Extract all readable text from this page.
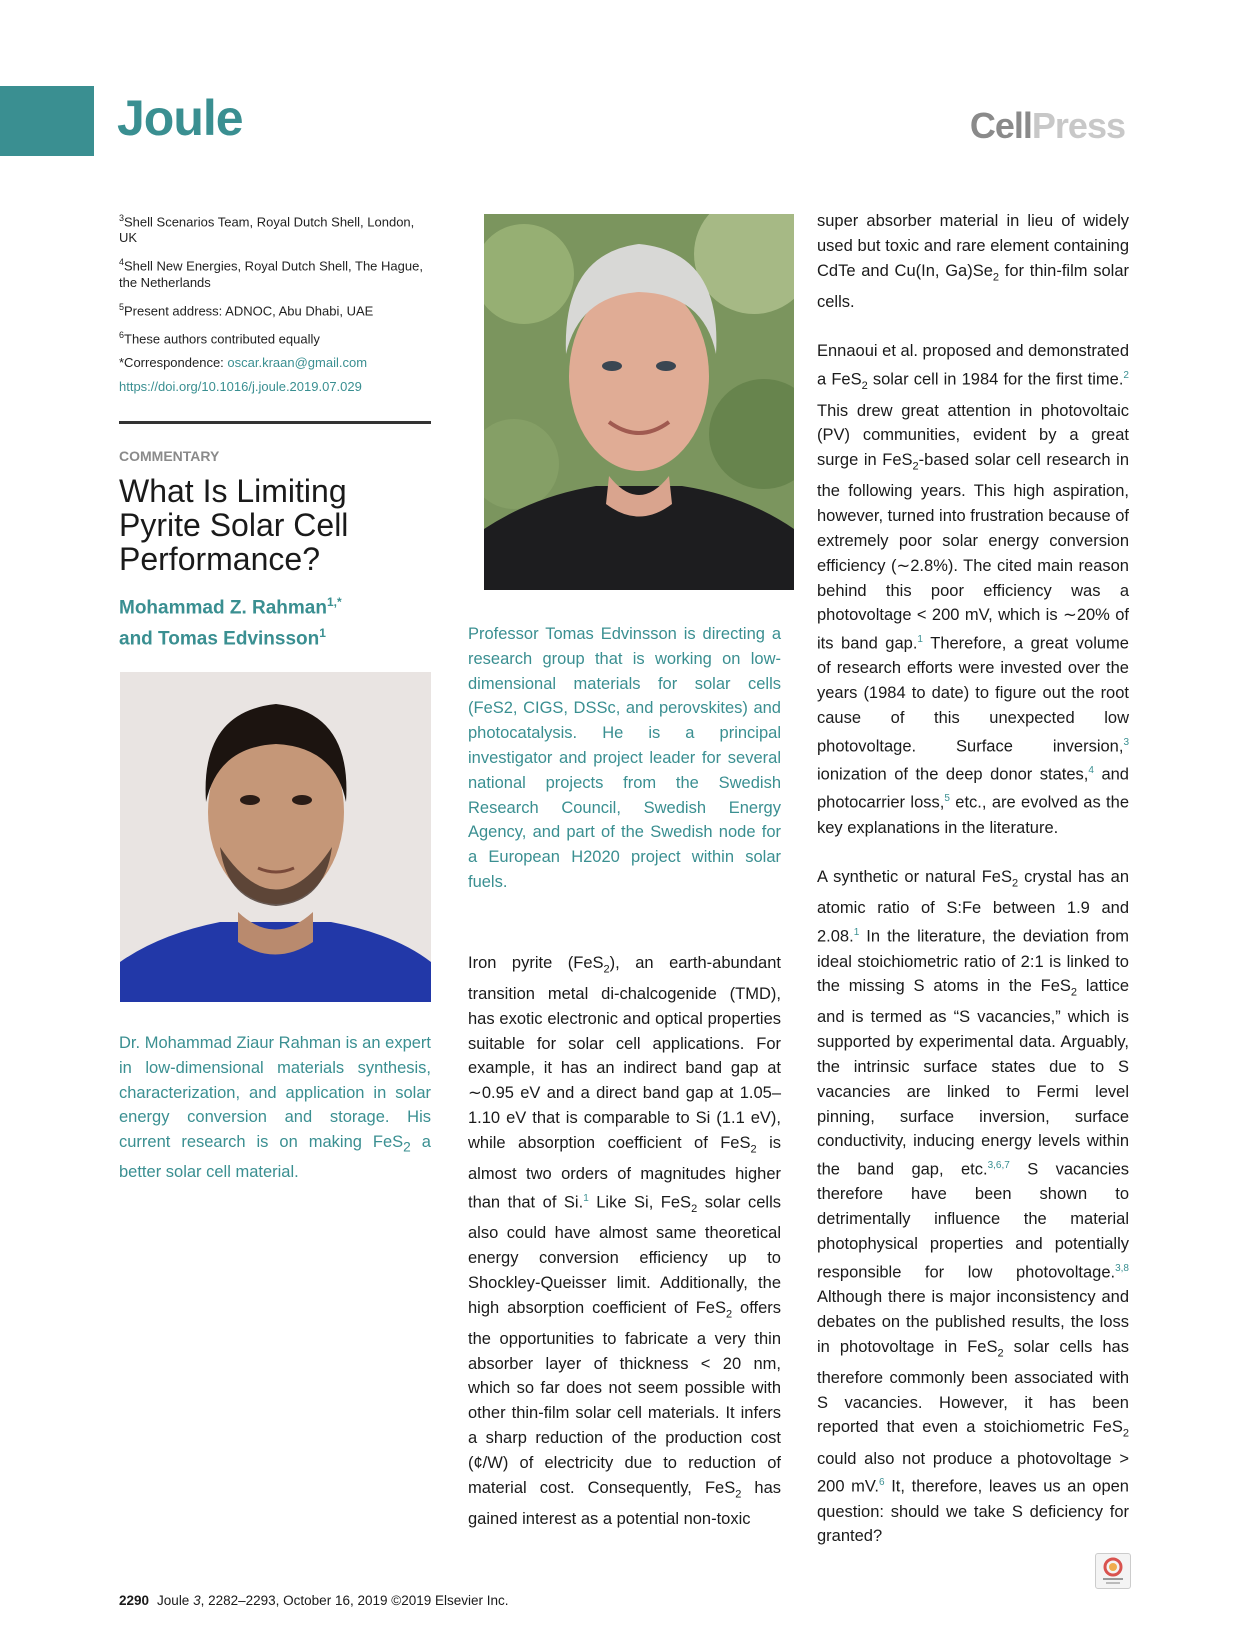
Joule	CellPress

$^3$Shell Scenarios Team, Royal Dutch Shell, London, UK

$^4$Shell New Energies, Royal Dutch Shell, The Hague, the Netherlands

$^5$Present address: ADNOC, Abu Dhabi, UAE

$^6$These authors contributed equally

*Correspondence: oscar.kraan@gmail.com

https://doi.org/10.1016/j.joule.2019.07.029

COMMENTARY
What Is Limiting Pyrite Solar Cell Performance?
Mohammad Z. Rahman$^{1,*}$
and Tomas Edvinsson$^1$

Dr. Mohammad Ziaur Rahman is an expert in low-dimensional materials synthesis, characterization, and application in solar energy conversion and storage. His current research is on making FeS$_2$ a better solar cell material.

Professor Tomas Edvinsson is directing a research group that is working on low-dimensional materials for solar cells (FeS2, CIGS, DSSc, and perovskites) and photocatalysis. He is a principal investigator and project leader for several national projects from the Swedish Research Council, Swedish Energy Agency, and part of the Swedish node for a European H2020 project within solar fuels.

Iron pyrite (FeS$_2$), an earth-abundant transition metal di-chalcogenide (TMD), has exotic electronic and optical properties suitable for solar cell applications. For example, it has an indirect band gap at ∼0.95 eV and a direct band gap at 1.05–1.10 eV that is comparable to Si (1.1 eV), while absorption coefficient of FeS$_2$ is almost two orders of magnitudes higher than that of Si.$^1$ Like Si, FeS$_2$ solar cells also could have almost same theoretical energy conversion efficiency up to Shockley-Queisser limit. Additionally, the high absorption coefficient of FeS$_2$ offers the opportunities to fabricate a very thin absorber layer of thickness < 20 nm, which so far does not seem possible with other thin-film solar cell materials. It infers a sharp reduction of the production cost (¢/W) of electricity due to reduction of material cost. Consequently, FeS$_2$ has gained interest as a potential non-toxic

super absorber material in lieu of widely used but toxic and rare element containing CdTe and Cu(In, $Ga)Se_2$ for thin-film solar cells.

Ennaoui et al. proposed and demonstrated a FeS$_2$ solar cell in 1984 for the first time.$^2$ This drew great attention in photovoltaic (PV) communities, evident by a great surge in FeS$_2$-based solar cell research in the following years. This high aspiration, however, turned into frustration because of extremely poor solar energy conversion efficiency (∼2.8%). The cited main reason behind this poor efficiency was a photovoltage < 200 mV, which is ∼20% of its band gap.$^1$ Therefore, a great volume of research efforts were invested over the years (1984 to date) to figure out the root cause of this unexpected low photovoltage. Surface inversion,$^3$ ionization of the deep donor states,$^4$ and photocarrier loss,$^5$ etc., are evolved as the key explanations in the literature.

A synthetic or natural FeS$_2$ crystal has an atomic ratio of S:Fe between 1.9 and 2.08.$^1$ In the literature, the deviation from ideal stoichiometric ratio of 2:1 is linked to the missing S atoms in the FeS$_2$ lattice and is termed as “S vacancies,” which is supported by experimental data. Arguably, the intrinsic surface states due to S vacancies are linked to Fermi level pinning, surface inversion, surface conductivity, inducing energy levels within the band gap, etc.$^{3,6,7}$ S vacancies therefore have been shown to detrimentally influence the material photophysical properties and potentially responsible for low photovoltage.$^{3,8}$ Although there is major inconsistency and debates on the published results, the loss in photovoltage in FeS$_2$ solar cells has therefore commonly been associated with S vacancies. However, it has been reported that even a stoichiometric FeS$_2$ could also not produce a photovoltage > 200 mV.$^6$ It, therefore, leaves us an open question: should we take S deficiency for granted?

2290 Joule 3, 2282–2293, October 16, 2019 ©2019 Elsevier Inc.
